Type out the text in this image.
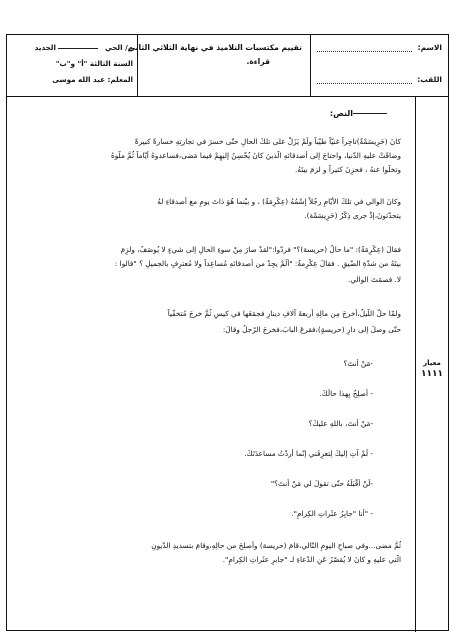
الاسم:
اللقب:
تقييم مكتسبات التلاميذ في نهاية الثلاثي الثاني
قراءة.
م/ الحي  الجديد
السنة الثالثة "أ" و"ب"
المعلم: عبد الله موسى
معيار
١١١١
النص:
كانَ (حَرِيسَمْةٌ)تاجِراً غنيّاً طيّباً ولَمْ يَزَلْ على تلكَ الحالِ حتّى خسرَ في تجارتِهِ خسارةً كبيرةً
وضاقَتْ عليهِ الدّنيا، واحتاجَ إلى أصدقائهِ الّذينَ كانَ يُحْسِنُ إليهِمْ فيما مَضى،فساعدوهُ أيّاماً ثُمَّ ملّوهُ
وتخلّوا عنهُ ، فحزِنَ كثيراً و لزمَ بيتَهُ.
وكانَ الوالي في تلكَ الأيّامِ رجُلاً إسْمُهُ (عِكْرِمَةُ) ، و بيْنما هُوَ ذاتَ يومٍ مع أصدقاءِ لهُ
يتحدّثونَ،إذْ جرى ذِكْرُ (حَرِيسَمْة).
فقالَ (عِكْرِمَةُ): "ما حالُ (حريسة)؟" فردّوا:"لقدْ صارَ مِنْ سوءِ الحالِ إلى شيءٍ لا يُوصَفُ، ولزِمَ
بيتَهُ من شدّةِ الضّيقِ . فقالَ عِكْرِمةُ: "ألَمْ يجِدْ من أصدقائهِ مُساعِداً ولا مُعترِفٍ بالجميلِ ؟ "قالوا :
لا. فصمَتَ الوالي.
ولمّا حلّ اللّيلُ،أخرجَ مِن مالِهِ أربعةَ آلافِ دينارٍ فجمَعَها في كيسٍ ثُمَّ خرجَ مُتخفّياً
حتّى وصلَ إلى دارِ (حريسةٍ)،فقرعَ البابَ،فخرجَ الرّجلُ وقالَ:
-مَنْ أنتَ؟
- أُصلِحُ بِهذا حالَكَ.
-مَنْ أنتَ، باللهِ عليكَ؟
- لَمْ آتِ إليكَ لِتعرِفَني إنّما أردْتُ مساعدَتَكَ.
-لَنْ أقْبَلَهُ حتّى تقولَ لي مَنْ أنتَ؟"
- "أنا "جابِرُ عثَراتِ الكِرامِ".
ثُمَّ مضى...وفي صباحِ اليومِ التّالي،قامَ (حريسة) وأصلحَ من حالِهِ،وقامَ بتسديدِ الدّيونِ
الّتي عليهِ و كانَ لا يُقصّرُ عَنِ الدّعاءِ لـ "جابرِ عثَراتِ الكِرامِ".
